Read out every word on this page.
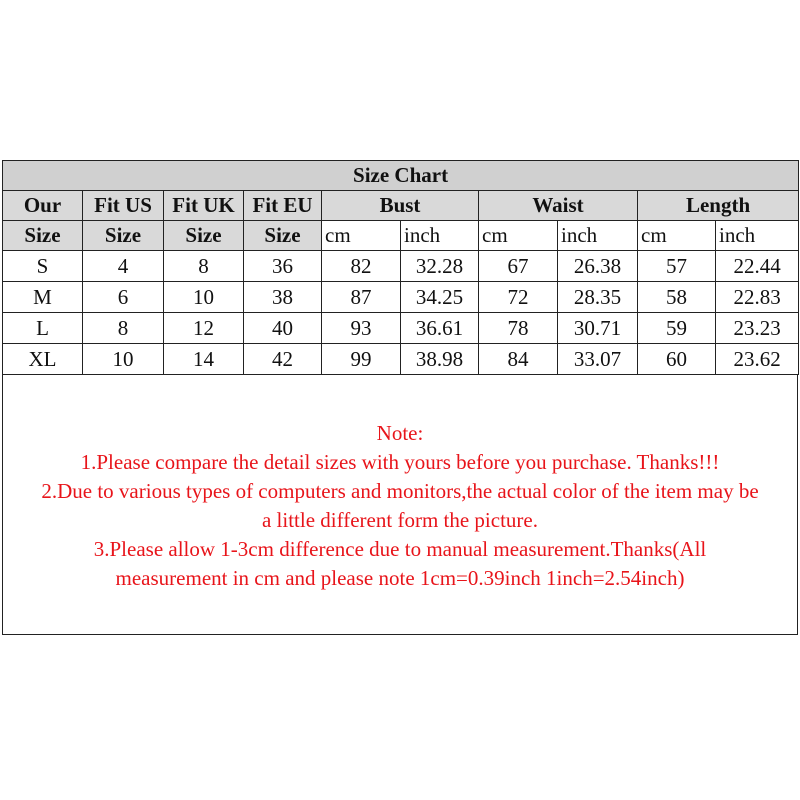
Size Chart									
Our	Fit US	Fit UK	Fit EU	Bust		Waist		Length	
Size	Size	Size	Size	cm	inch	cm	inch	cm	inch
S	4	8	36	82	32.28	67	26.38	57	22.44
M	6	10	38	87	34.25	72	28.35	58	22.83
L	8	12	40	93	36.61	78	30.71	59	23.23
XL	10	14	42	99	38.98	84	33.07	60	23.62
Note:
1.Please compare the detail sizes with yours before you purchase. Thanks!!!
2.Due to various types of computers and monitors,the actual color of the item may be
a little different form the picture.
3.Please allow 1-3cm difference due to manual measurement.Thanks(All
measurement in cm and please note 1cm=0.39inch 1inch=2.54inch)
